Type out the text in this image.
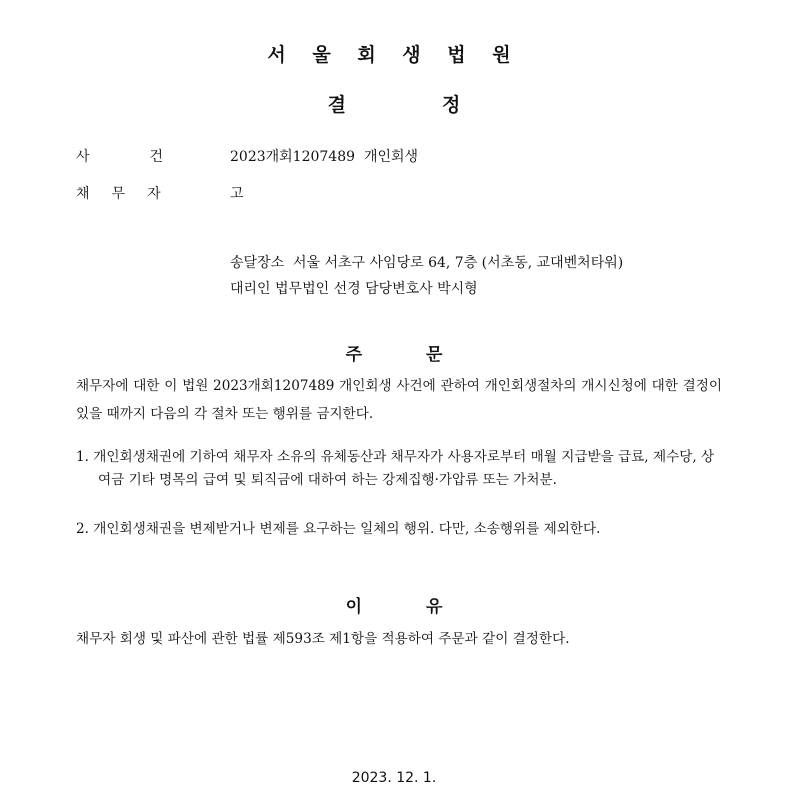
서 울 회 생 법 원
결	정
사	건	2023개회1207489 개인회생
채 무 자	고
송달장소 서울 서초구 사임당로 64, 7층 (서초동, 교대벤처타워)
대리인 법무법인 선경 담당변호사 박시형
주	문
채무자에 대한 이 법원 2023개회1207489 개인회생 사건에 관하여 개인회생절차의 개시신청에 대한 결정이 있을 때까지 다음의 각 절차 또는 행위를 금지한다.
1. 개인회생채권에 기하여 채무자 소유의 유체동산과 채무자가 사용자로부터 매월 지급받을 급료, 제수당, 상여금 기타 명목의 급여 및 퇴직금에 대하여 하는 강제집행·가압류 또는 가처분.
2. 개인회생채권을 변제받거나 변제를 요구하는 일체의 행위. 다만, 소송행위를 제외한다.
이	유
채무자 회생 및 파산에 관한 법률 제593조 제1항을 적용하여 주문과 같이 결정한다.
2023. 12. 1.
